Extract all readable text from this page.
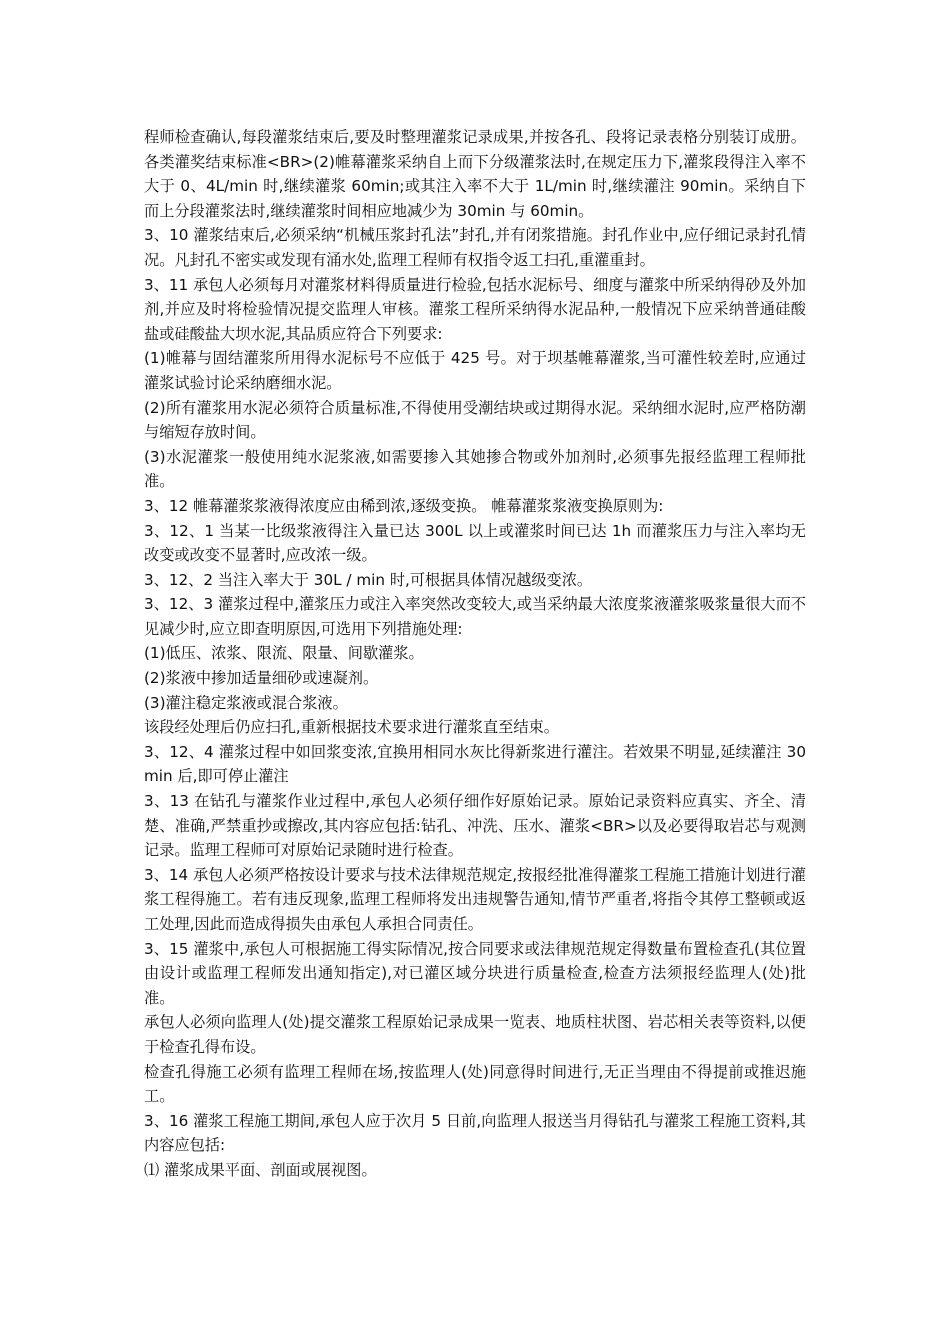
程师检查确认,每段灌浆结束后,要及时整理灌浆记录成果,并按各孔、段将记录表格分别装订成册。各类灌奖结束标准<BR>(2)帷幕灌浆采纳自上而下分级灌浆法时,在规定压力下,灌浆段得注入率不大于 0、4L/min 时,继续灌浆 60min;或其注入率不大于 1L/min 时,继续灌注 90min。采纳自下而上分段灌浆法时,继续灌浆时间相应地减少为 30min 与 60min。

3、10 灌浆结束后,必须采纳“机械压浆封孔法”封孔,并有闭浆措施。封孔作业中,应仔细记录封孔情况。凡封孔不密实或发现有涌水处,监理工程师有权指令返工扫孔,重灌重封。

3、11 承包人必须每月对灌浆材料得质量进行检验,包括水泥标号、细度与灌浆中所采纳得砂及外加剂,并应及时将检验情况提交监理人审核。灌浆工程所采纳得水泥品种,一般情况下应采纳普通硅酸盐或硅酸盐大坝水泥,其品质应符合下列要求:

(1)帷幕与固结灌浆所用得水泥标号不应低于 425 号。对于坝基帷幕灌浆,当可灌性较差时,应通过灌浆试验讨论采纳磨细水泥。

(2)所有灌浆用水泥必须符合质量标准,不得使用受潮结块或过期得水泥。采纳细水泥时,应严格防潮与缩短存放时间。

(3)水泥灌浆一般使用纯水泥浆液,如需要掺入其她掺合物或外加剂时,必须事先报经监理工程师批准。

3、12 帷幕灌浆浆液得浓度应由稀到浓,逐级变换。 帷幕灌浆浆液变换原则为:

3、12、1 当某一比级浆液得注入量已达 300L 以上或灌浆时间已达 1h 而灌浆压力与注入率均无改变或改变不显著时,应改浓一级。

3、12、2 当注入率大于 30L / min 时,可根据具体情况越级变浓。

3、12、3 灌浆过程中,灌浆压力或注入率突然改变较大,或当采纳最大浓度浆液灌浆吸浆量很大而不见减少时,应立即查明原因,可选用下列措施处理:

(1)低压、浓浆、限流、限量、间歇灌浆。

(2)浆液中掺加适量细砂或速凝剂。

(3)灌注稳定浆液或混合浆液。

该段经处理后仍应扫孔,重新根据技术要求进行灌浆直至结束。

3、12、4 灌浆过程中如回浆变浓,宜换用相同水灰比得新浆进行灌注。若效果不明显,延续灌注 30min 后,即可停止灌注

3、13 在钻孔与灌浆作业过程中,承包人必须仔细作好原始记录。原始记录资料应真实、齐全、清楚、准确,严禁重抄或擦改,其内容应包括:钻孔、冲洗、压水、灌浆<BR>以及必要得取岩芯与观测记录。监理工程师可对原始记录随时进行检查。

3、14 承包人必须严格按设计要求与技术法律规范规定,按报经批准得灌浆工程施工措施计划进行灌浆工程得施工。若有违反现象,监理工程师将发出违规警告通知,情节严重者,将指令其停工整顿或返工处理,因此而造成得损失由承包人承担合同责任。

3、15 灌浆中,承包人可根据施工得实际情况,按合同要求或法律规范规定得数量布置检查孔(其位置由设计或监理工程师发出通知指定),对已灌区域分块进行质量检查,检查方法须报经监理人(处)批准。

承包人必须向监理人(处)提交灌浆工程原始记录成果一览表、地质柱状图、岩芯相关表等资料,以便于检查孔得布设。

检查孔得施工必须有监理工程师在场,按监理人(处)同意得时间进行,无正当理由不得提前或推迟施工。

3、16 灌浆工程施工期间,承包人应于次月 5 日前,向监理人报送当月得钻孔与灌浆工程施工资料,其内容应包括:

⑴ 灌浆成果平面、剖面或展视图。
